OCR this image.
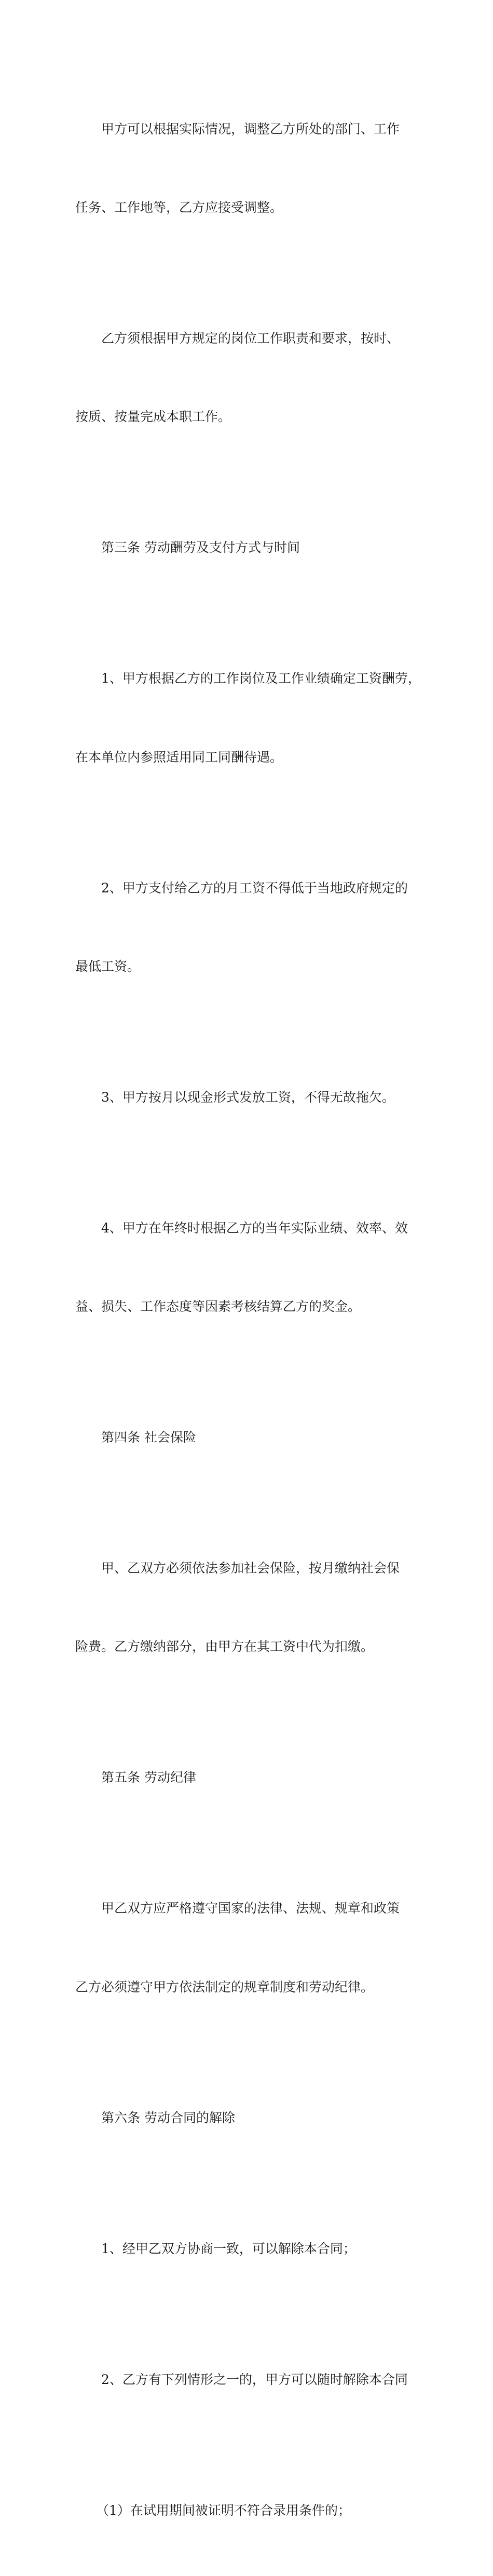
甲方可以根据实际情况，调整乙方所处的部门、工作

任务、工作地等，乙方应接受调整。

乙方须根据甲方规定的岗位工作职责和要求，按时、

按质、按量完成本职工作。

第三条 劳动酬劳及支付方式与时间

1、甲方根据乙方的工作岗位及工作业绩确定工资酬劳，

在本单位内参照适用同工同酬待遇。

2、甲方支付给乙方的月工资不得低于当地政府规定的

最低工资。

3、甲方按月以现金形式发放工资，不得无故拖欠。

4、甲方在年终时根据乙方的当年实际业绩、效率、效

益、损失、工作态度等因素考核结算乙方的奖金。

第四条 社会保险

甲、乙双方必须依法参加社会保险，按月缴纳社会保

险费。乙方缴纳部分，由甲方在其工资中代为扣缴。

第五条 劳动纪律

甲乙双方应严格遵守国家的法律、法规、规章和政策

乙方必须遵守甲方依法制定的规章制度和劳动纪律。

第六条 劳动合同的解除

1、经甲乙双方协商一致，可以解除本合同；

2、乙方有下列情形之一的，甲方可以随时解除本合同

（1）在试用期间被证明不符合录用条件的；
